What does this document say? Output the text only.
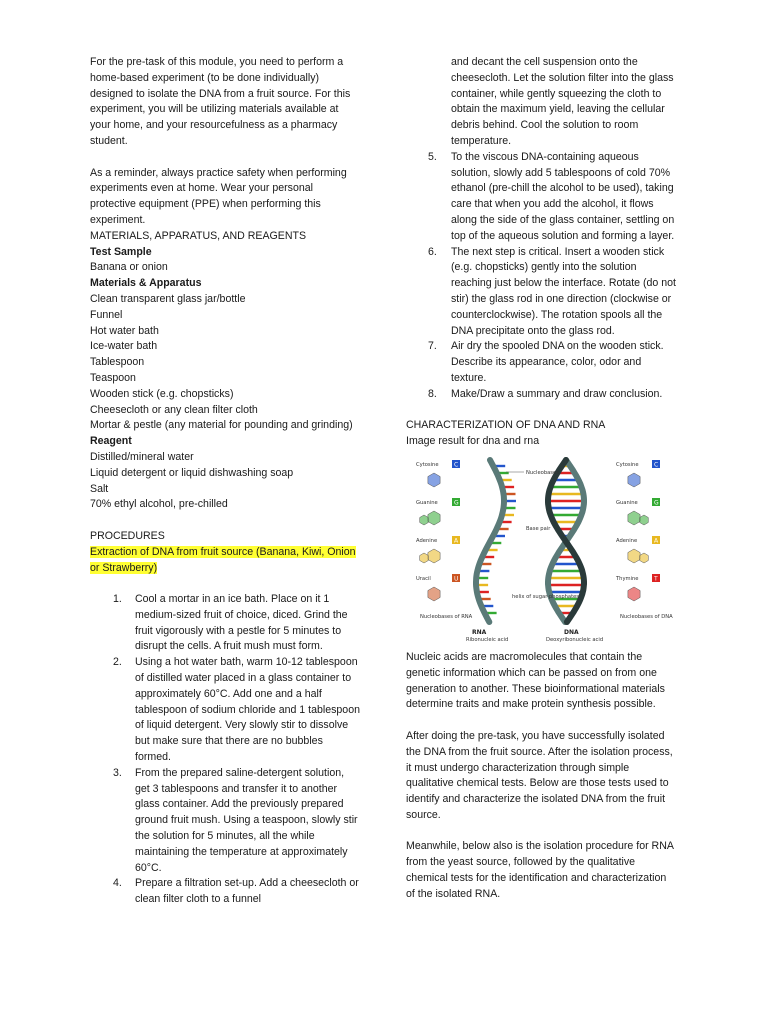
For the pre-task of this module, you need to perform a home-based experiment (to be done individually) designed to isolate the DNA from a fruit source. For this experiment, you will be utilizing materials available at your home, and your resourcefulness as a pharmacy student.

As a reminder, always practice safety when performing experiments even at home. Wear your personal protective equipment (PPE) when performing this experiment.

MATERIALS, APPARATUS, AND REAGENTS

Test Sample

Banana or onion

Materials & Apparatus

Clean transparent glass jar/bottle

Funnel

Hot water bath

Ice-water bath

Tablespoon

Teaspoon

Wooden stick (e.g. chopsticks)

Cheesecloth or any clean filter cloth

Mortar & pestle (any material for pounding and grinding)

Reagent

Distilled/mineral water

Liquid detergent or liquid dishwashing soap

Salt

70% ethyl alcohol, pre-chilled

PROCEDURES

Extraction of DNA from fruit source (Banana, Kiwi, Onion or Strawberry)

1. Cool a mortar in an ice bath. Place on it 1 medium-sized fruit of choice, diced. Grind the fruit vigorously with a pestle for 5 minutes to disrupt the cells. A fruit mush must form.
2. Using a hot water bath, warm 10-12 tablespoon of distilled water placed in a glass container to approximately 60°C. Add one and a half tablespoon of sodium chloride and 1 tablespoon of liquid detergent. Very slowly stir to dissolve but make sure that there are no bubbles formed.
3. From the prepared saline-detergent solution, get 3 tablespoons and transfer it to another glass container. Add the previously prepared ground fruit mush. Using a teaspoon, slowly stir the solution for 5 minutes, all the while maintaining the temperature at approximately 60°C.
4. Prepare a filtration set-up. Add a cheesecloth or clean filter cloth to a funnel

and decant the cell suspension onto the cheesecloth. Let the solution filter into the glass container, while gently squeezing the cloth to obtain the maximum yield, leaving the cellular debris behind. Cool the solution to room temperature.

5. To the viscous DNA-containing aqueous solution, slowly add 5 tablespoons of cold 70% ethanol (pre-chill the alcohol to be used), taking care that when you add the alcohol, it flows along the side of the glass container, settling on top of the aqueous solution and forming a layer.
6. The next step is critical. Insert a wooden stick (e.g. chopsticks) gently into the solution reaching just below the interface. Rotate (do not stir) the glass rod in one direction (clockwise or counterclockwise). The rotation spools all the DNA precipitate onto the glass rod.
7. Air dry the spooled DNA on the wooden stick. Describe its appearance, color, odor and texture.
8. Make/Draw a summary and draw conclusion.

CHARACTERIZATION OF DNA AND RNA

Image result for dna and rna

Cytosine
Guanine
Adenine
Uracil
Cytosine
Guanine
Adenine
Thymine
C
G
A
U
C
G
A
T
Nucleobases
Base pair
helix of sugar-phosphates
Nucleobases of RNA	Nucleobases of DNA
RNA
Ribonucleic acid
DNA
Deoxyribonucleic acid

Nucleic acids are macromolecules that contain the genetic information which can be passed on from one generation to another. These bioinformational materials determine traits and make protein synthesis possible.

After doing the pre-task, you have successfully isolated the DNA from the fruit source. After the isolation process, it must undergo characterization through simple qualitative chemical tests. Below are those tests used to identify and characterize the isolated DNA from the fruit source.

Meanwhile, below also is the isolation procedure for RNA from the yeast source, followed by the qualitative chemical tests for the identification and characterization of the isolated RNA.
